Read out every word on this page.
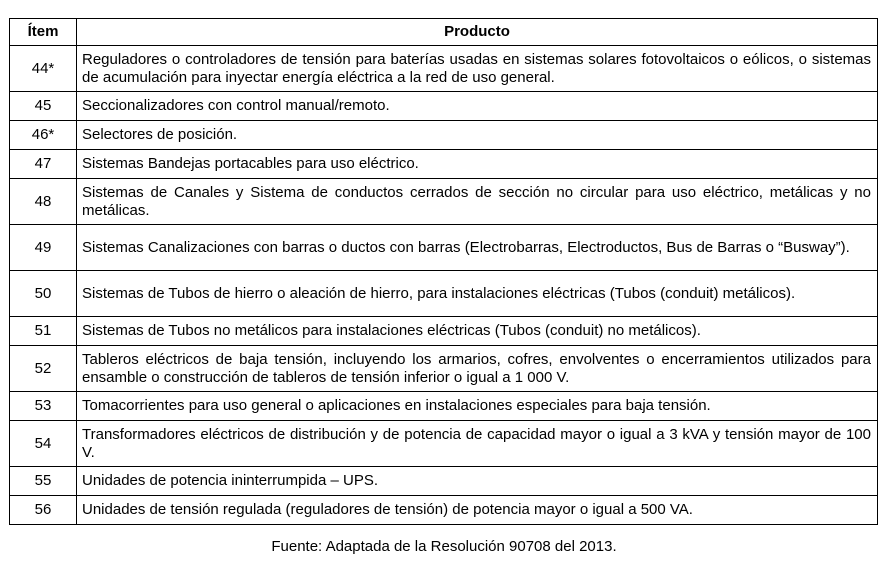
Ítem	Producto
44*	Reguladores o controladores de tensión para baterías usadas en sistemas solares fotovoltaicos o eólicos, o sistemas de acumulación para inyectar energía eléctrica a la red de uso general.
45	Seccionalizadores con control manual/remoto.
46*	Selectores de posición.
47	Sistemas Bandejas portacables para uso eléctrico.
48	Sistemas de Canales y Sistema de conductos cerrados de sección no circular para uso eléctrico, metálicas y no metálicas.
49	Sistemas Canalizaciones con barras o ductos con barras (Electrobarras, Electroductos, Bus de Barras o “Busway”).
50	Sistemas de Tubos de hierro o aleación de hierro, para instalaciones eléctricas (Tubos (conduit) metálicos).
51	Sistemas de Tubos no metálicos para instalaciones eléctricas (Tubos (conduit) no metálicos).
52	Tableros eléctricos de baja tensión, incluyendo los armarios, cofres, envolventes o encerramientos utilizados para ensamble o construcción de tableros de tensión inferior o igual a 1 000 V.
53	Tomacorrientes para uso general o aplicaciones en instalaciones especiales para baja tensión.
54	Transformadores eléctricos de distribución y de potencia de capacidad mayor o igual a 3 kVA y tensión mayor de 100 V.
55	Unidades de potencia ininterrumpida – UPS.
56	Unidades de tensión regulada (reguladores de tensión) de potencia mayor o igual a 500 VA.
Fuente: Adaptada de la Resolución 90708 del 2013.
